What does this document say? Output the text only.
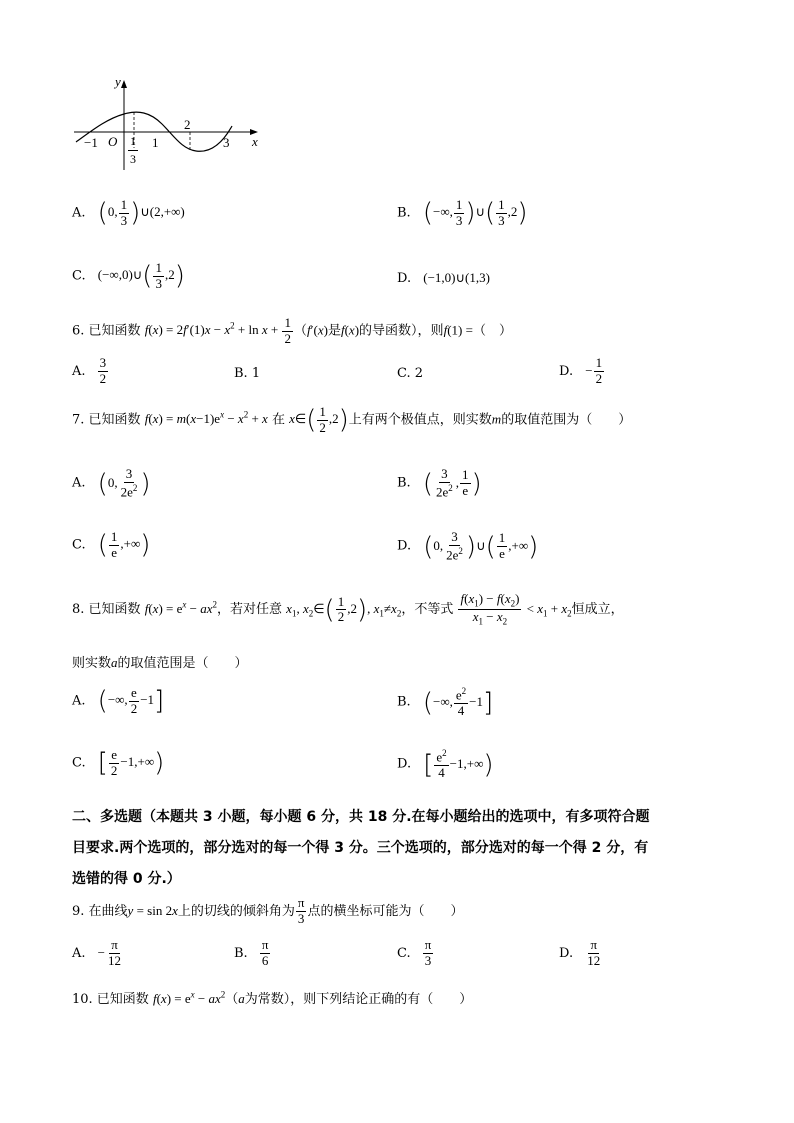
y
x
O
−1	1
3
1
2
3
A. (0, $\frac{1}{3}$ )∪(2,+∞)	B. (−∞, $\frac{1}{3}$ )∪( $\frac{1}{3} ,2$)
C. (−∞,0)∪( $\frac{1}{3} ,2$)	D. (−1,0)∪(1,3)
6. 已知函数 $f(x) = 2f'(1)x - x^2 + \ln x + \frac{1}{2} (f'(x)$是f(x)的导函数），则f(1) =（　）
A. $\frac{3}{2}$	B. 1	C. 2	D. − $\frac{1}{2}$
7. 已知函数 $f(x) = m(x-1)e^x - x^2 + x$ 在 x∈( $\frac{1}{2} ,2$)上有两个极值点，则实数m的取值范围为（　　）
A. (0, $\frac{3}{2e^2}$ )	B. ( $\frac{3}{2e^2}$ , $\frac{1}{e}$ )
C. ( $\frac{1}{e}$ ,+∞)	D. (0, $\frac{3}{2e^2}$ )∪( $\frac{1}{e}$ ,+∞)
8. 已知函数 $f(x) = e^x - ax^2$，若对任意 $x_1$, $x_2\in( \frac{1}{2} ,2)$, $x_1\ne x_2$，不等式 $\frac{f(x_1) - f(x_2)}{x_1 - x_2} < x_1 + x_2$恒成立，
则实数a的取值范围是（　　）
A. (−∞, $\frac{e}{2} -1$]	B. (−∞, $\frac{e^2}{4} -1$]
C. [ $\frac{e}{2} -1,+\infty$)	D. [ $\frac{e^2}{4} -1,+\infty$)
二、多选题（本题共 3 小题，每小题 6 分，共 18 分.在每小题给出的选项中，有多项符合题
目要求.两个选项的，部分选对的每一个得 3 分。三个选项的，部分选对的每一个得 2 分，有
选错的得 0 分.）
9. 在曲线y = sin 2x上的切线的倾斜角为 $\frac{\pi}{3}$ 点的横坐标可能为（　　）
A. − $\frac{\pi}{12}$	B. $\frac{\pi}{6}$	C. $\frac{\pi}{3}$	D. $\frac{\pi}{12}$
10. 已知函数 $f(x) = e^x - ax^2(a$为常数），则下列结论正确的有（　　）
